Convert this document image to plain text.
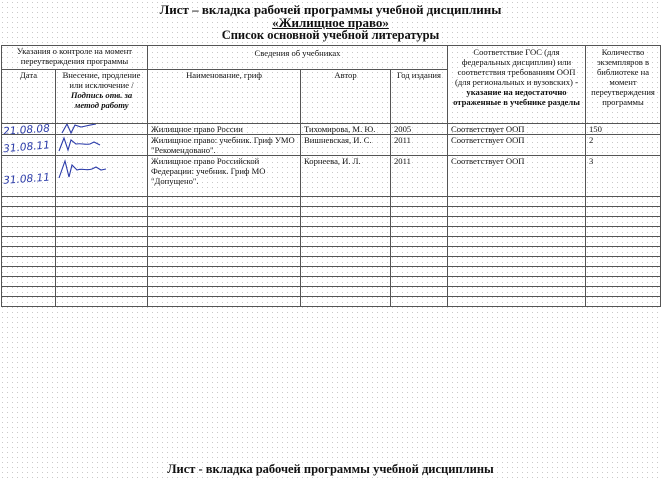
Лист – вкладка рабочей программы учебной дисциплины
«Жилищное право»
Список основной учебной литературы
Указания о контроле на момент переутверждения программы		Сведения об учебниках			Соответствие ГОС (для федеральных дисциплин) или соответствия требованиям ООП (для региональных и вузовских) - указание на недостаточно отраженные в учебнике разделы	Количество экземпляров в библиотеке на момент переутверждения программы
Дата	Внесение, продление или исключение / Подпись отв. за метод работу	Наименование, гриф	Автор	Год издания		

21.08.08		Жилищное право России	Тихомирова, М. Ю.	2005	Соответствует ООП	150

31.08.11		Жилищное право: учебник. Гриф УМО "Рекомендовано".	Вишневская, И. С.	2011	Соответствует ООП	2

31.08.11		Жилищное право Российской Федерации: учебник. Гриф МО "Допущено".	Корнеева, И. Л.	2011	Соответствует ООП	3

Лист - вкладка рабочей программы учебной дисциплины
